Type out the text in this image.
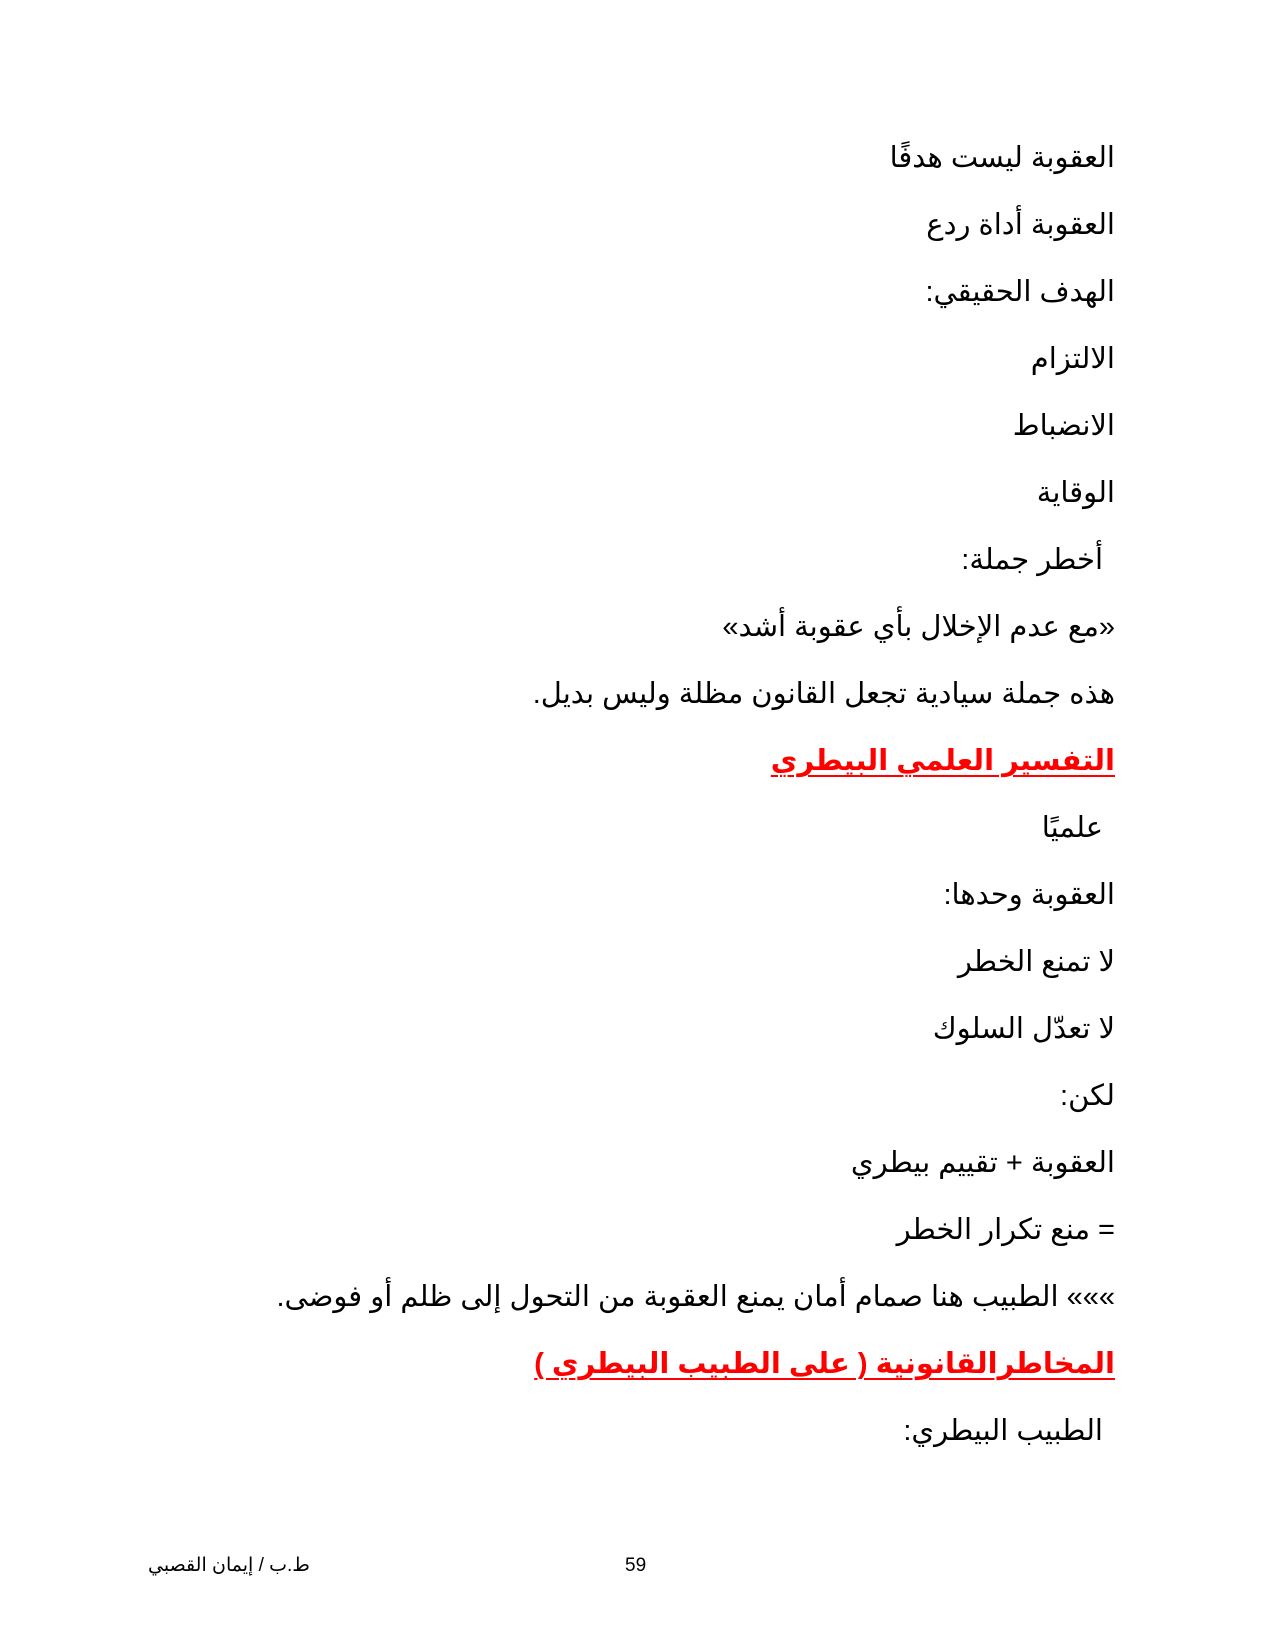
العقوبة ليست هدفًا
العقوبة أداة ردع
الهدف الحقيقي:
الالتزام
الانضباط
الوقاية
أخطر جملة:
«مع عدم الإخلال بأي عقوبة أشد»
هذه جملة سيادية تجعل القانون مظلة وليس بديل.
التفسير العلمي البيطري
علميًا
العقوبة وحدها:
لا تمنع الخطر
لا تعدّل السلوك
لكن:
العقوبة + تقييم بيطري
= منع تكرار الخطر
»»» الطبيب هنا صمام أمان يمنع العقوبة من التحول إلى ظلم أو فوضى.
المخاطرالقانونية ( على الطبيب البيطري )
الطبيب البيطري:
ط.ب / إيمان القصبي	59
